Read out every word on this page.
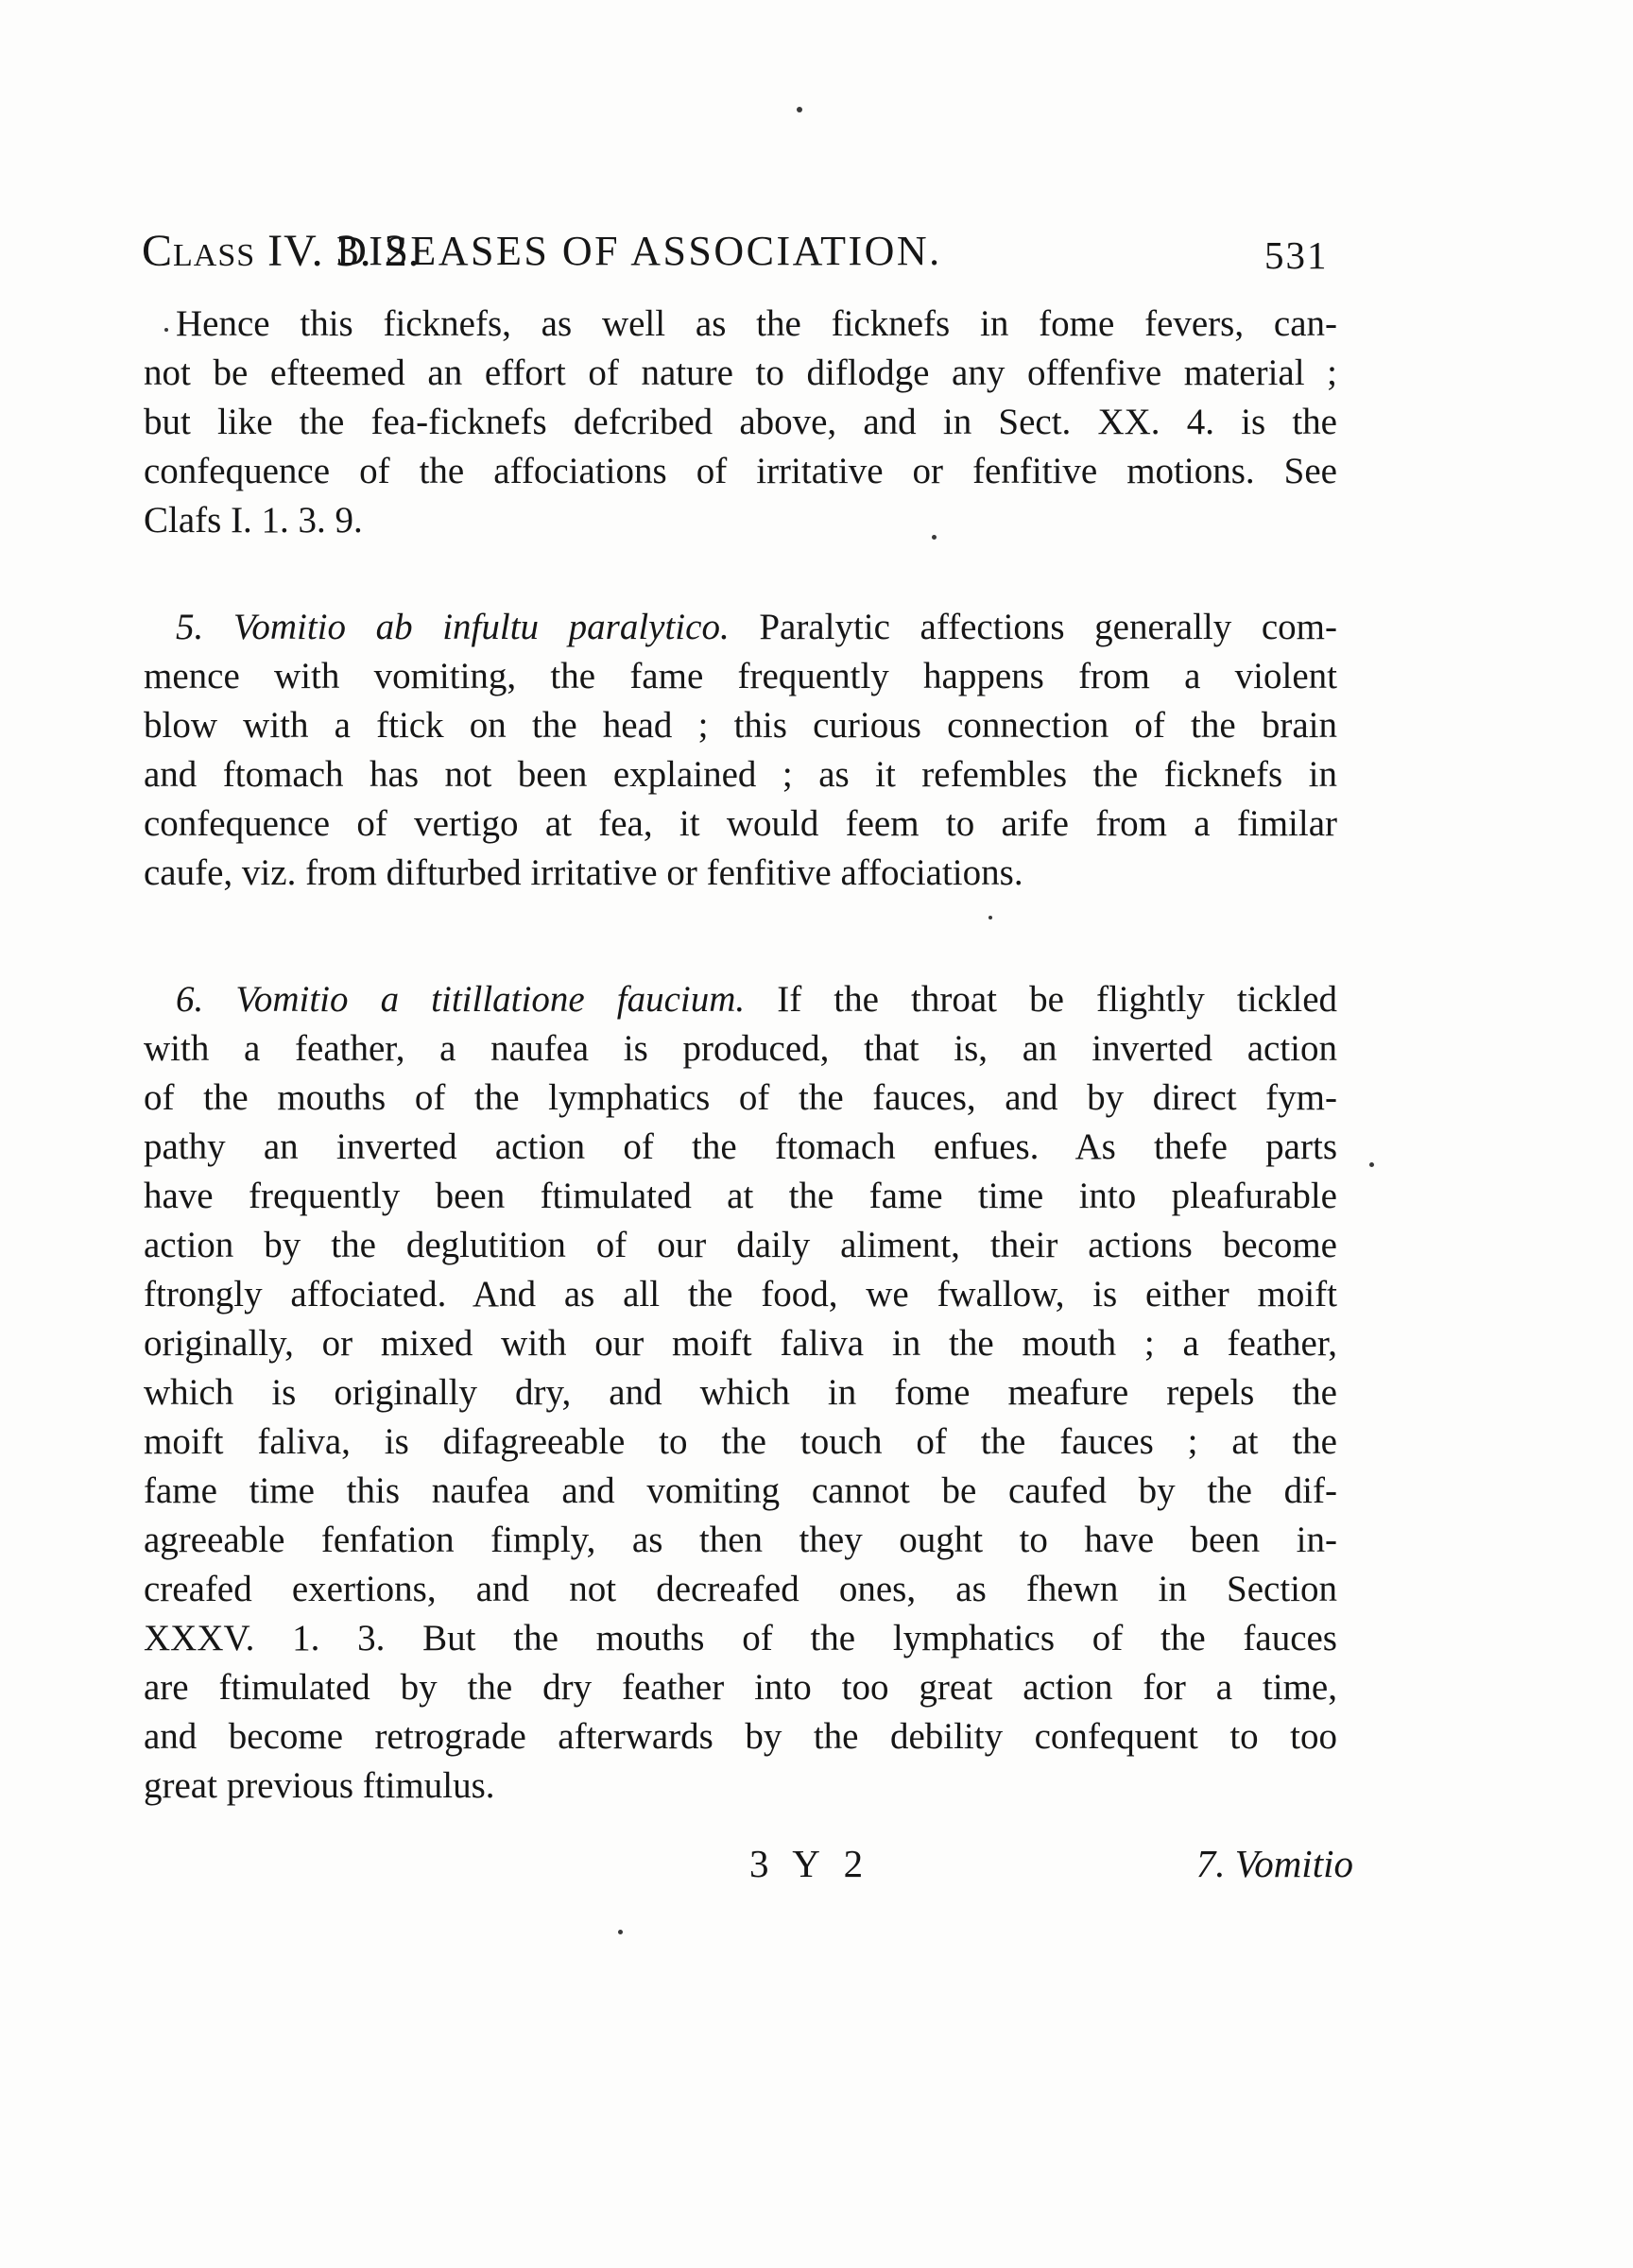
Class IV. 3. 2.
DISEASES OF ASSOCIATION.	531
Hence this ficknefs, as well as the ficknefs in fome fevers, can-
not be efteemed an effort of nature to diflodge any offenfive material ;
but like the fea-ficknefs defcribed above, and in Sect. XX. 4. is the
confequence of the affociations of irritative or fenfitive motions. See
Clafs I. 1. 3. 9.
5. Vomitio ab infultu paralytico. Paralytic affections generally com-
mence with vomiting, the fame frequently happens from a violent
blow with a ftick on the head ; this curious connection of the brain
and ftomach has not been explained ; as it refembles the ficknefs in
confequence of vertigo at fea, it would feem to arife from a fimilar
caufe, viz. from difturbed irritative or fenfitive affociations.
6. Vomitio a titillatione faucium. If the throat be flightly tickled
with a feather, a naufea is produced, that is, an inverted action
of the mouths of the lymphatics of the fauces, and by direct fym-
pathy an inverted action of the ftomach enfues. As thefe parts
have frequently been ftimulated at the fame time into pleafurable
action by the deglutition of our daily aliment, their actions become
ftrongly affociated. And as all the food, we fwallow, is either moift
originally, or mixed with our moift faliva in the mouth ; a feather,
which is originally dry, and which in fome meafure repels the
moift faliva, is difagreeable to the touch of the fauces ; at the
fame time this naufea and vomiting cannot be caufed by the dif-
agreeable fenfation fimply, as then they ought to have been in-
creafed exertions, and not decreafed ones, as fhewn in Section
XXXV. 1. 3. But the mouths of the lymphatics of the fauces
are ftimulated by the dry feather into too great action for a time,
and become retrograde afterwards by the debility confequent to too
great previous ftimulus.
3 Y 2	7. Vomitio
